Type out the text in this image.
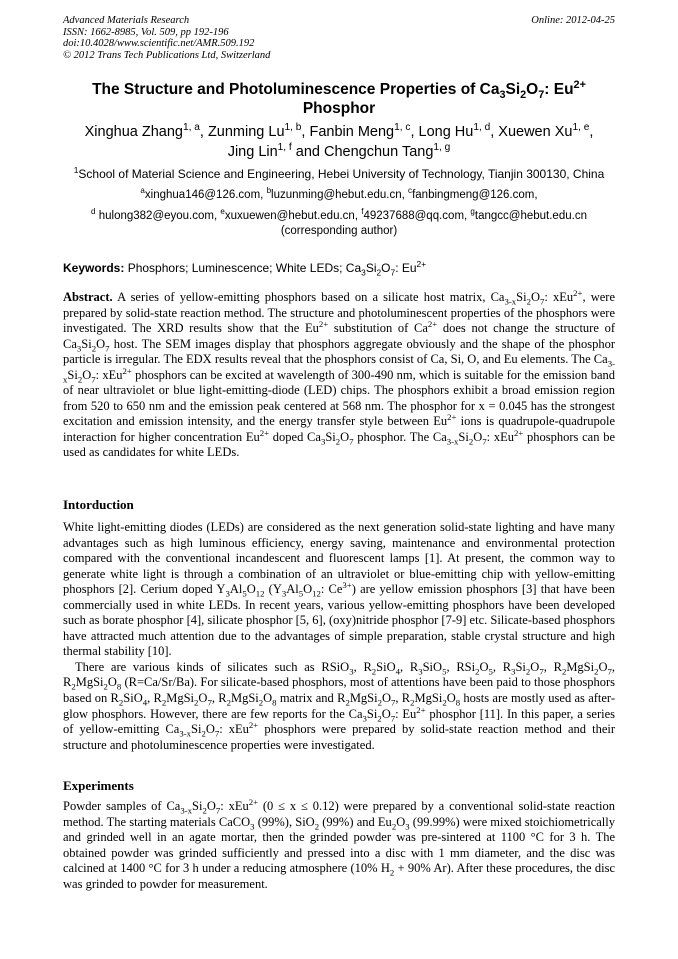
Advanced Materials Research
ISSN: 1662-8985, Vol. 509, pp 192-196
doi:10.4028/www.scientific.net/AMR.509.192
© 2012 Trans Tech Publications Ltd, Switzerland
Online: 2012-04-25
The Structure and Photoluminescence Properties of $Ca_3Si_2O_7$: $Eu^{2+}$
Phosphor
Xinghua Zhang$^{1, a}$, Zunming Lu$^{1, b}$, Fanbin Meng$^{1, c}$, Long Hu$^{1, d}$, Xuewen Xu$^{1, e}$,
Jing Lin$^{1, f}$ and Chengchun Tang$^{1, g}$
$^1$School of Material Science and Engineering, Hebei University of Technology, Tianjin 300130, China
$^a$xinghua146@126.com, $^b$luzunming@hebut.edu.cn, $^c$fanbingmeng@126.com,
$^d$ hulong382@eyou.com, $^e$xuxuewen@hebut.edu.cn, $^f$49237688@qq.com, $^g$tangcc@hebut.edu.cn
(corresponding author)
Keywords: Phosphors; Luminescence; White LEDs; $Ca_3Si_2O_7$: $Eu^{2+}$
Abstract. A series of yellow-emitting phosphors based on a silicate host matrix, $Ca_{3-x}Si_2O_7$: xEu$^{2+}$, were prepared by solid-state reaction method. The structure and photoluminescent properties of the phosphors were investigated. The XRD results show that the $Eu^{2+}$ substitution of $Ca^{2+}$ does not change the structure of $Ca_3Si_2O_7$ host. The SEM images display that phosphors aggregate obviously and the shape of the phosphor particle is irregular. The EDX results reveal that the phosphors consist of Ca, Si, O, and Eu elements. The $Ca_{3-x}Si_2O_7$: xEu$^{2+}$ phosphors can be excited at wavelength of 300-490 nm, which is suitable for the emission band of near ultraviolet or blue light-emitting-diode (LED) chips. The phosphors exhibit a broad emission region from 520 to 650 nm and the emission peak centered at 568 nm. The phosphor for x = 0.045 has the strongest excitation and emission intensity, and the energy transfer style between $Eu^{2+}$ ions is quadrupole-quadrupole interaction for higher concentration $Eu^{2+}$ doped $Ca_3Si_2O_7$ phosphor. The $Ca_{3-x}Si_2O_7$: xEu$^{2+}$ phosphors can be used as candidates for white LEDs.
Intorduction

White light-emitting diodes (LEDs) are considered as the next generation solid-state lighting and have many advantages such as high luminous efficiency, energy saving, maintenance and environmental protection compared with the conventional incandescent and fluorescent lamps [1]. At present, the common way to generate white light is through a combination of an ultraviolet or blue-emitting chip with yellow-emitting phosphors [2]. Cerium doped $Y_3Al_5O_{12}$ ($Y_3Al_5O_{12}$: $Ce^{3+}$) are yellow emission phosphors [3] that have been commercially used in white LEDs. In recent years, various yellow-emitting phosphors have been developed such as borate phosphor [4], silicate phosphor [5, 6], (oxy)nitride phosphor [7-9] etc. Silicate-based phosphors have attracted much attention due to the advantages of simple preparation, stable crystal structure and high thermal stability [10].

There are various kinds of silicates such as RSiO$_3$, $R_2SiO_4$, $R_3SiO_5$, $RSi_2O_5$, $R_3Si_2O_7$, $R_2MgSi_2O_7$, $R_2MgSi_2O_8$ (R=Ca/Sr/Ba). For silicate-based phosphors, most of attentions have been paid to those phosphors based on $R_2SiO_4$, $R_2MgSi_2O_7$, $R_2MgSi_2O_8$ matrix and $R_2MgSi_2O_7$, $R_2MgSi_2O_8$ hosts are mostly used as after-glow phosphors. However, there are few reports for the $Ca_3Si_2O_7$: $Eu^{2+}$ phosphor [11]. In this paper, a series of yellow-emitting $Ca_{3-x}Si_2O_7$: xEu$^{2+}$ phosphors were prepared by solid-state reaction method and their structure and photoluminescence properties were investigated.

Experiments

Powder samples of $Ca_{3-x}Si_2O_7$: xEu$^{2+}$ (0 ≤ x ≤ 0.12) were prepared by a conventional solid-state reaction method. The starting materials CaCO$_3$ (99%), SiO$_2$ (99%) and $Eu_2O_3$ (99.99%) were mixed stoichiometrically and grinded well in an agate mortar, then the grinded powder was pre-sintered at 1100 °C for 3 h. The obtained powder was grinded sufficiently and pressed into a disc with 1 mm diameter, and the disc was calcined at 1400 °C for 3 h under a reducing atmosphere (10% $H_2 + 90\%$ Ar). After these procedures, the disc was grinded to powder for measurement.
